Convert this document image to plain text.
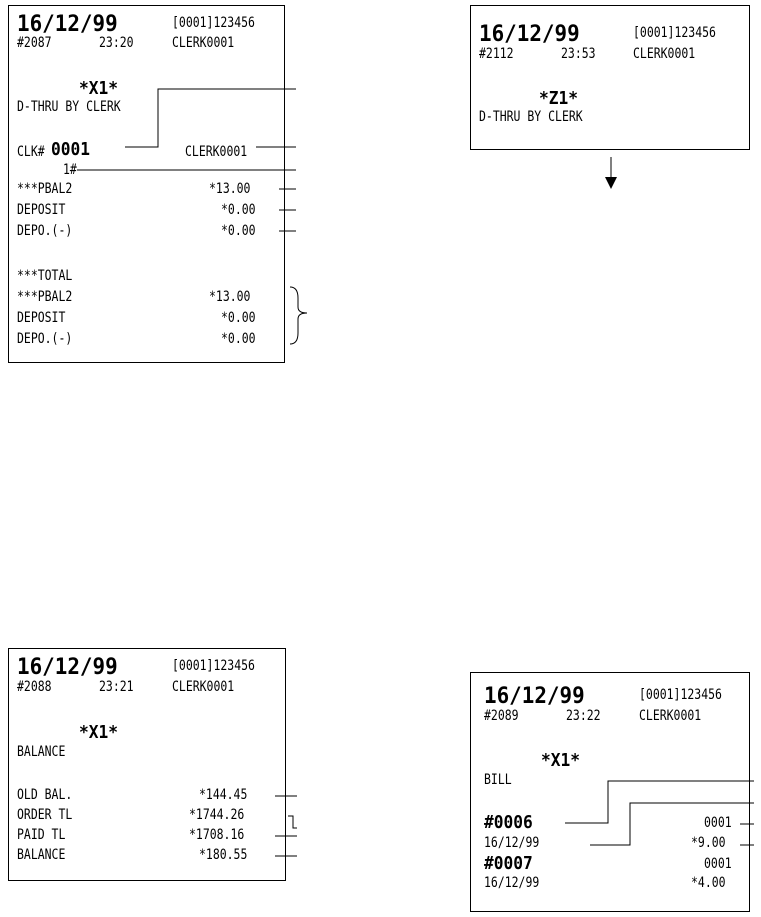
16/12/99	[0001]123456
#2087	23:20	CLERK0001
*X1*
D-THRU BY CLERK
CLK# 0001	CLERK0001
1#
***PBAL2	*13.00
DEPOSIT	*0.00
DEPO.(-)	*0.00
***TOTAL
***PBAL2	*13.00
DEPOSIT	*0.00
DEPO.(-)	*0.00
16/12/99	[0001]123456
#2112	23:53	CLERK0001
*Z1*
D-THRU BY CLERK
16/12/99	[0001]123456
#2088	23:21	CLERK0001
*X1*
BALANCE
OLD BAL.	*144.45
ORDER TL	*1744.26
PAID TL	*1708.16
BALANCE	*180.55
16/12/99	[0001]123456
#2089	23:22	CLERK0001
*X1*
BILL
#0006	0001
16/12/99	*9.00
#0007	0001
16/12/99	*4.00
